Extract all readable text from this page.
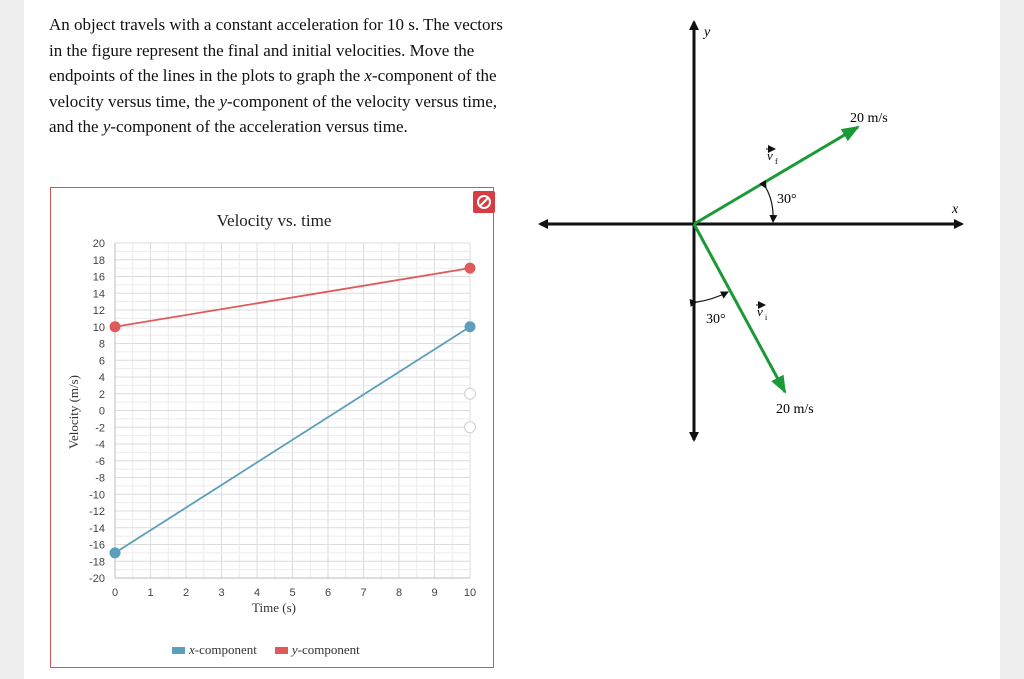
An object travels with a constant acceleration for 10 s. The vectors in the figure represent the final and initial velocities. Move the endpoints of the lines in the plots to graph the x-component of the velocity versus time, the y-component of the velocity versus time, and the y-component of the acceleration versus time.

Velocity vs. time
20
18
16
14
12
10
8
6
4
2
0
-2
-4
-6
-8
-10
-12
-14
-16
-18
-20
0	1	2	3	4	5	6	7	8	9 10
Time (s)
Velocity (m/s)
x-component	y-component
x
y
20 m/s
20 m/s
v f
v i
30°
30°
